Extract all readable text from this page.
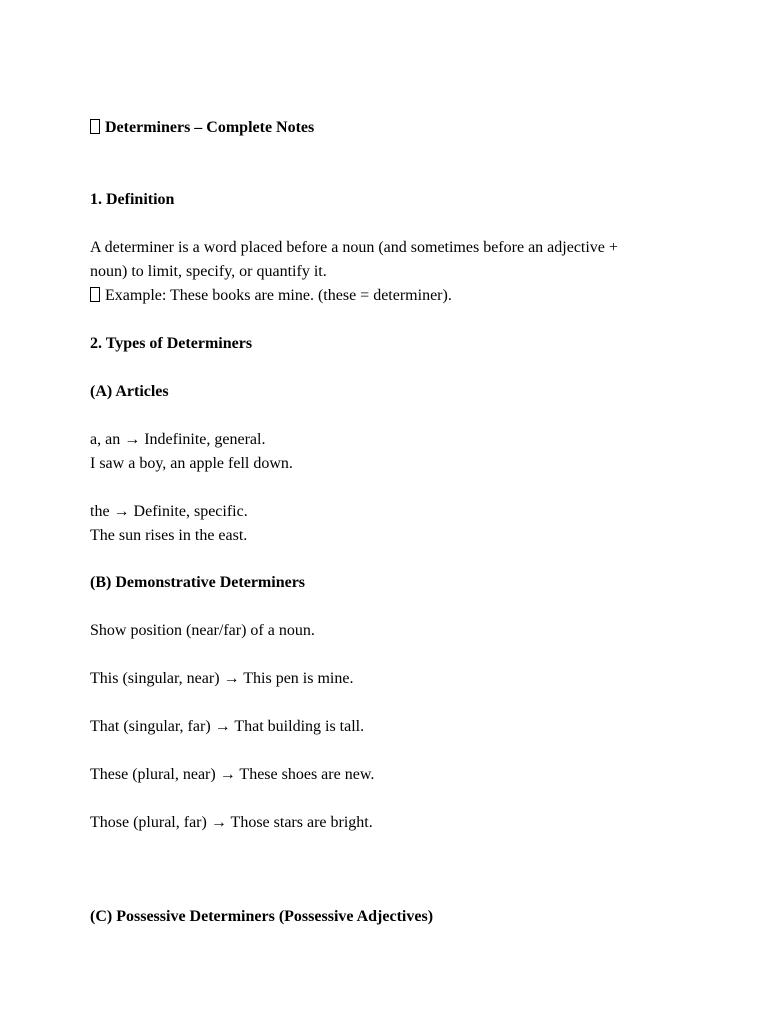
Determiners – Complete Notes
1. Definition
A determiner is a word placed before a noun (and sometimes before an adjective +
noun) to limit, specify, or quantify it.
Example: These books are mine. (these = determiner).
2. Types of Determiners
(A) Articles
a, an → Indefinite, general.
I saw a boy, an apple fell down.
the → Definite, specific.
The sun rises in the east.
(B) Demonstrative Determiners
Show position (near/far) of a noun.
This (singular, near) → This pen is mine.
That (singular, far) → That building is tall.
These (plural, near) → These shoes are new.
Those (plural, far) → Those stars are bright.
(C) Possessive Determiners (Possessive Adjectives)
